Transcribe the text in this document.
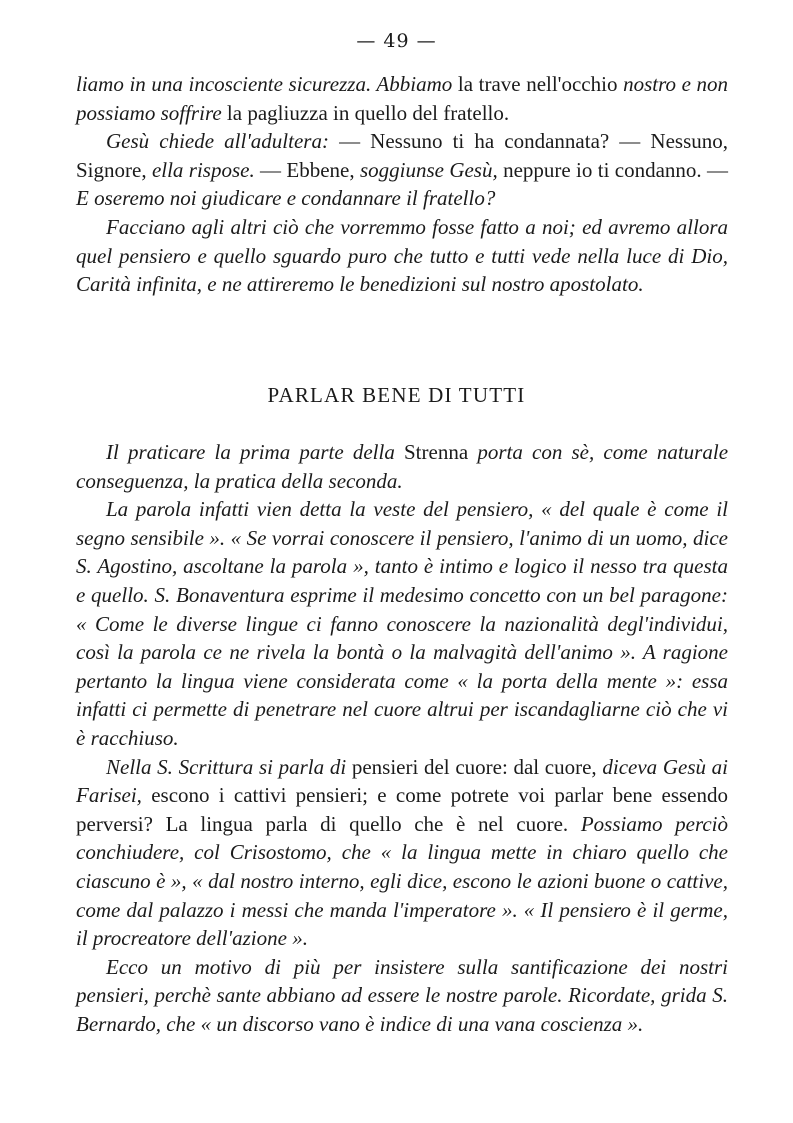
— 49 —

liamo in una incosciente sicurezza. Abbiamo la trave nell'occhio nostro e non possiamo soffrire la pagliuzza in quello del fratello.

Gesù chiede all'adultera: — Nessuno ti ha condannata? — Nessuno, Signore, ella rispose. — Ebbene, soggiunse Gesù, neppure io ti condanno. — E oseremo noi giudicare e condannare il fratello?

Facciano agli altri ciò che vorremmo fosse fatto a noi; ed avremo allora quel pensiero e quello sguardo puro che tutto e tutti vede nella luce di Dio, Carità infinita, e ne attireremo le benedizioni sul nostro apostolato.

PARLAR BENE DI TUTTI

Il praticare la prima parte della Strenna porta con sè, come naturale conseguenza, la pratica della seconda.

La parola infatti vien detta la veste del pensiero, « del quale è come il segno sensibile ». « Se vorrai conoscere il pensiero, l'animo di un uomo, dice S. Agostino, ascoltane la parola », tanto è intimo e logico il nesso tra questa e quello. S. Bonaventura esprime il medesimo concetto con un bel paragone: « Come le diverse lingue ci fanno conoscere la nazionalità degl'individui, così la parola ce ne rivela la bontà o la malvagità dell'animo ». A ragione pertanto la lingua viene considerata come « la porta della mente »: essa infatti ci permette di penetrare nel cuore altrui per iscandagliarne ciò che vi è racchiuso.

Nella S. Scrittura si parla di pensieri del cuore: dal cuore, diceva Gesù ai Farisei, escono i cattivi pensieri; e come potrete voi parlar bene essendo perversi? La lingua parla di quello che è nel cuore. Possiamo perciò conchiudere, col Crisostomo, che « la lingua mette in chiaro quello che ciascuno è », « dal nostro interno, egli dice, escono le azioni buone o cattive, come dal palazzo i messi che manda l'imperatore ». « Il pensiero è il germe, il procreatore dell'azione ».

Ecco un motivo di più per insistere sulla santificazione dei nostri pensieri, perchè sante abbiano ad essere le nostre parole. Ricordate, grida S. Bernardo, che « un discorso vano è indice di una vana coscienza ».
